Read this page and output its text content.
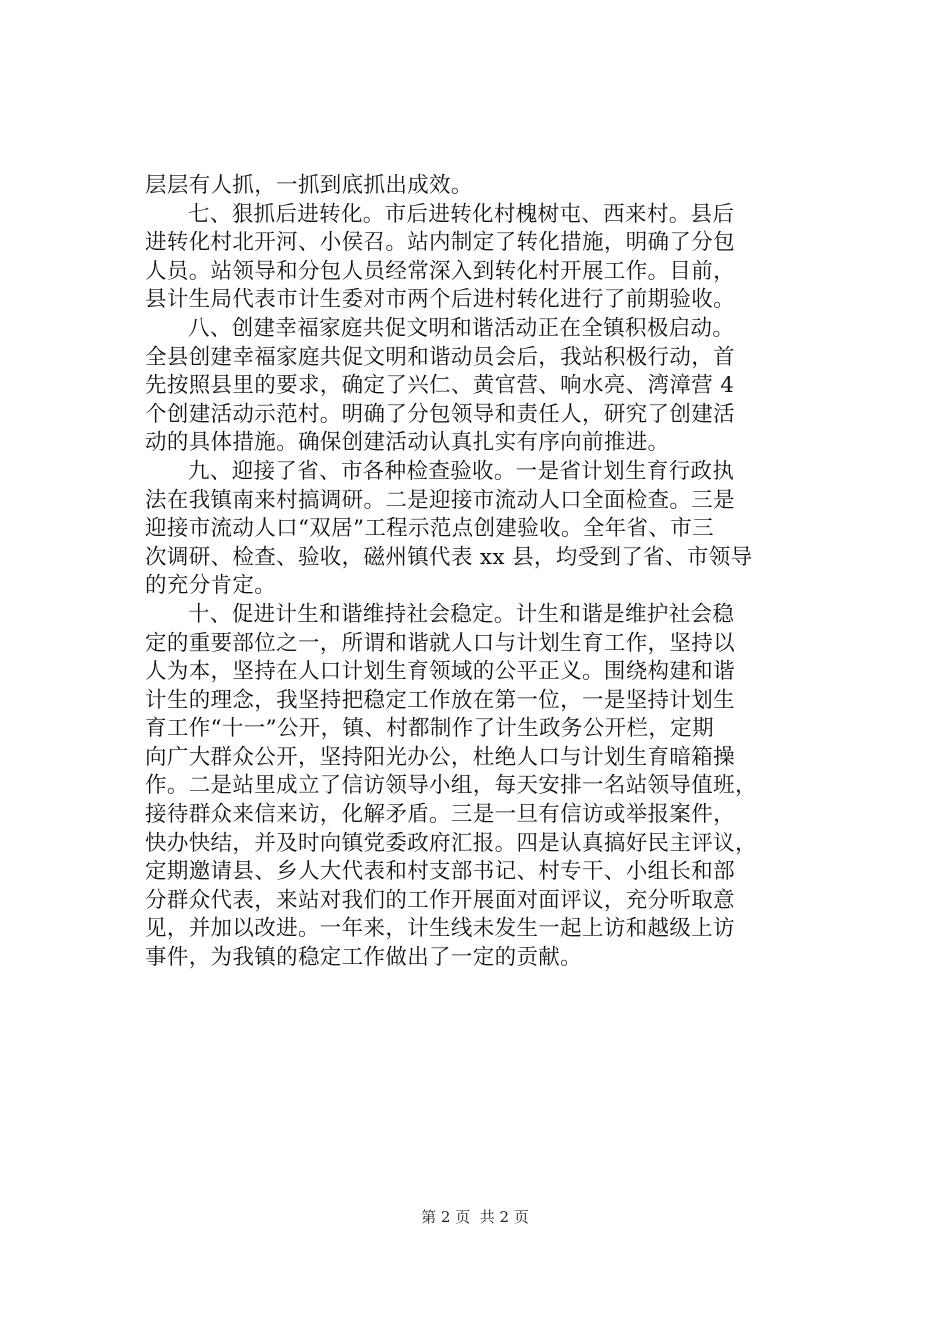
层层有人抓，一抓到底抓出成效。
七、狠抓后进转化。市后进转化村槐树屯、西来村。县后
进转化村北开河、小侯召。站内制定了转化措施，明确了分包
人员。站领导和分包人员经常深入到转化村开展工作。目前，
县计生局代表市计生委对市两个后进村转化进行了前期验收。
八、创建幸福家庭共促文明和谐活动正在全镇积极启动。
全县创建幸福家庭共促文明和谐动员会后，我站积极行动，首
先按照县里的要求，确定了兴仁、黄官营、响水亮、湾漳营 4
个创建活动示范村。明确了分包领导和责任人，研究了创建活
动的具体措施。确保创建活动认真扎实有序向前推进。
九、迎接了省、市各种检查验收。一是省计划生育行政执
法在我镇南来村搞调研。二是迎接市流动人口全面检查。三是
迎接市流动人口“双居”工程示范点创建验收。全年省、市三
次调研、检查、验收，磁州镇代表 xx 县，均受到了省、市领导
的充分肯定。
十、促进计生和谐维持社会稳定。计生和谐是维护社会稳
定的重要部位之一，所谓和谐就人口与计划生育工作，坚持以
人为本，坚持在人口计划生育领域的公平正义。围绕构建和谐
计生的理念，我坚持把稳定工作放在第一位，一是坚持计划生
育工作“十一”公开，镇、村都制作了计生政务公开栏，定期
向广大群众公开，坚持阳光办公，杜绝人口与计划生育暗箱操
作。二是站里成立了信访领导小组，每天安排一名站领导值班，
接待群众来信来访，化解矛盾。三是一旦有信访或举报案件，
快办快结，并及时向镇党委政府汇报。四是认真搞好民主评议，
定期邀请县、乡人大代表和村支部书记、村专干、小组长和部
分群众代表，来站对我们的工作开展面对面评议，充分听取意
见，并加以改进。一年来，计生线未发生一起上访和越级上访
事件，为我镇的稳定工作做出了一定的贡献。
第 2 页  共 2 页
